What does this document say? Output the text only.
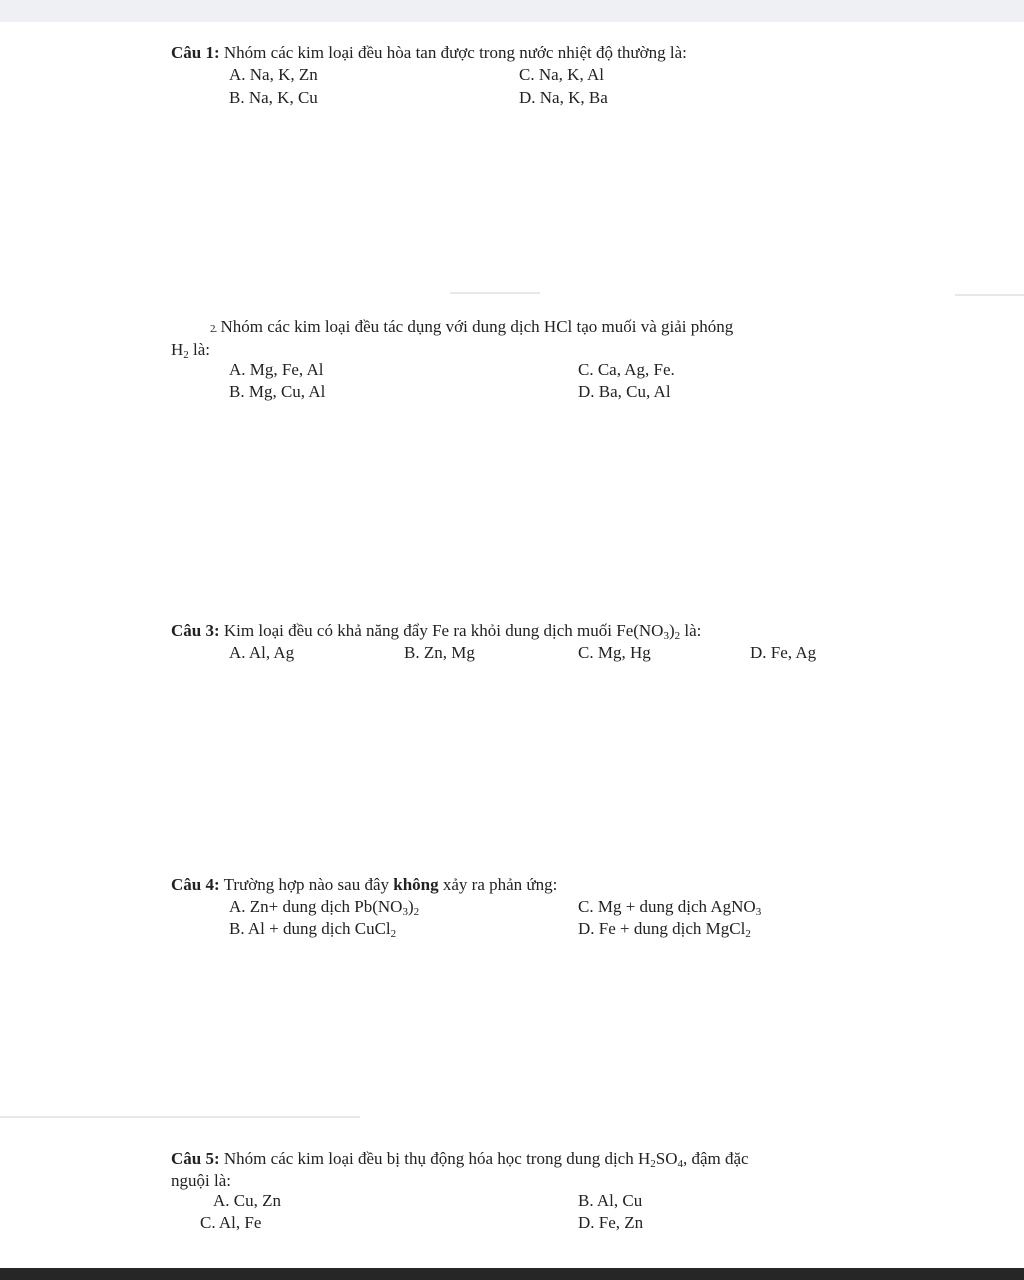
Câu 1: Nhóm các kim loại đều hòa tan được trong nước nhiệt độ thường là:
A. Na, K, Zn	C. Na, K, Al
B. Na, K, Cu	D. Na, K, Ba
2. Nhóm các kim loại đều tác dụng với dung dịch HCl tạo muối và giải phóng
$H_2$ là:
A. Mg, Fe, Al	C. Ca, Ag, Fe.
B. Mg, Cu, Al	D. Ba, Cu, Al
Câu 3: Kim loại đều có khả năng đẩy Fe ra khỏi dung dịch muối $Fe(NO_3)_2$ là:
A. Al, Ag	B. Zn, Mg	C. Mg, Hg	D. Fe, Ag
Câu 4: Trường hợp nào sau đây không xảy ra phản ứng:
A. Zn+ dung dịch $Pb(NO_3)_2$	C. Mg + dung dịch AgNO$_3$
B. Al + dung dịch CuCl$_2$	D. Fe + dung dịch MgCl$_2$
Câu 5: Nhóm các kim loại đều bị thụ động hóa học trong dung dịch $H_2SO_4$, đậm đặc
nguội là:
A. Cu, Zn	B. Al, Cu
C. Al, Fe	D. Fe, Zn
